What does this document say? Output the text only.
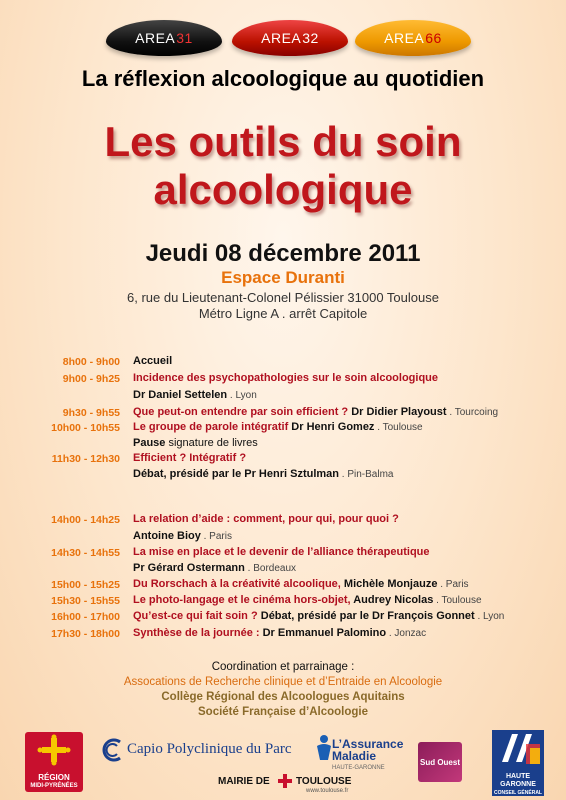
AREA 31	AREA 32	AREA 66
La réflexion alcoologique au quotidien
Les outils du soin
alcoologique
Jeudi 08 décembre 2011
Espace Duranti
6, rue du Lieutenant-Colonel Pélissier 31000 Toulouse
Métro Ligne A . arrêt Capitole
8h00 - 9h00 Accueil
9h00 - 9h25 Incidence des psychopathologies sur le soin alcoologique
Dr Daniel Settelen . Lyon
9h30 - 9h55 Que peut-on entendre par soin efficient ? Dr Didier Playoust . Tourcoing
10h00 - 10h55 Le groupe de parole intégratif Dr Henri Gomez . Toulouse
Pause signature de livres
11h30 - 12h30 Efficient ? Intégratif ?
Débat, présidé par le Pr Henri Sztulman . Pin-Balma
14h00 - 14h25 La relation d’aide : comment, pour qui, pour quoi ?
Antoine Bioy . Paris
14h30 - 14h55 La mise en place et le devenir de l’alliance thérapeutique
Pr Gérard Ostermann . Bordeaux
15h00 - 15h25 Du Rorschach à la créativité alcoolique, Michèle Monjauze . Paris
15h30 - 15h55 Le photo-langage et le cinéma hors-objet, Audrey Nicolas . Toulouse
16h00 - 17h00 Qu’est-ce qui fait soin ? Débat, présidé par le Dr François Gonnet . Lyon
17h30 - 18h00 Synthèse de la journée : Dr Emmanuel Palomino . Jonzac
Coordination et parrainage :
Assocations de Recherche clinique et d’Entraide en Alcoologie
Collège Régional des Alcoologues Aquitains
Société Française d’Alcoologie
RÉGION
MIDI-PYRÉNÉES
Capio Polyclinique du Parc	L’Assurance
Maladie
HAUTE-GARONNE
Sud Ouest
HAUTE
GARONNE
CONSEIL GÉNÉRAL
MAIRIE DE	TOULOUSE
www.toulouse.fr
